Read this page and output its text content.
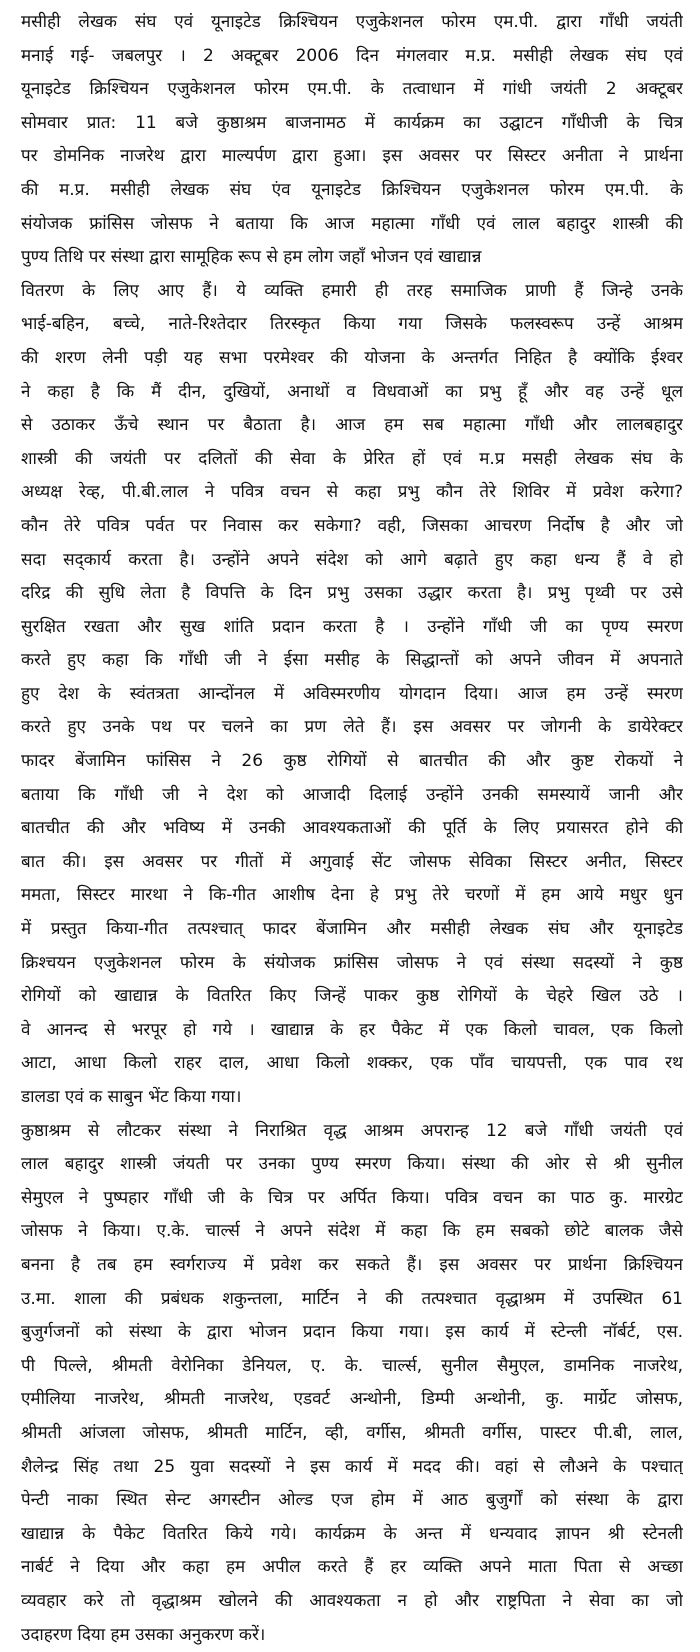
मसीही लेखक संघ एवं यूनाइटेड क्रिश्चियन एजुकेशनल फोरम एम.पी. द्वारा गाँधी जयंती
मनाई गई- जबलपुर । 2 अक्टूबर 2006 दिन मंगलवार म.प्र. मसीही लेखक संघ एवं
यूनाइटेड क्रिश्चियन एजुकेशनल फोरम एम.पी. के तत्वाधान में गांधी जयंती 2 अक्टूबर
सोमवार प्रात: 11 बजे कुष्ठाश्रम बाजनामठ में कार्यक्रम का उद्घाटन गाँधीजी के चित्र
पर डोमनिक नाजरेथ द्वारा माल्यर्पण द्वारा हुआ। इस अवसर पर सिस्टर अनीता ने प्रार्थना
की म.प्र. मसीही लेखक संघ एंव यूनाइटेड क्रिश्चियन एजुकेशनल फोरम एम.पी. के
संयोजक फ्रांसिस जोसफ ने बताया कि आज महात्मा गाँधी एवं लाल बहादुर शास्त्री की
पुण्य तिथि पर संस्था द्वारा सामूहिक रूप से हम लोग जहाँ भोजन एवं खाद्यान्न
वितरण के लिए आए हैं। ये व्यक्ति हमारी ही तरह समाजिक प्राणी हैं जिन्हे उनके
भाई-बहिन, बच्चे, नाते-रिश्तेदार तिरस्कृत किया गया जिसके फलस्वरूप उन्हें आश्रम
की शरण लेनी पड़ी यह सभा परमेश्वर की योजना के अन्तर्गत निहित है क्योंकि ईश्वर
ने कहा है कि मैं दीन, दुखियों, अनाथों व विधवाओं का प्रभु हूँ और वह उन्हें धूल
से उठाकर ऊँचे स्थान पर बैठाता है। आज हम सब महात्मा गाँधी और लालबहादुर
शास्त्री की जयंती पर दलितों की सेवा के प्रेरित हों एवं म.प्र मसही लेखक संघ के
अध्यक्ष रेव्ह, पी.बी.लाल ने पवित्र वचन से कहा प्रभु कौन तेरे शिविर में प्रवेश करेगा?
कौन तेरे पवित्र पर्वत पर निवास कर सकेगा? वही, जिसका आचरण निर्दोष है और जो
सदा सद्कार्य करता है। उन्होंने अपने संदेश को आगे बढ़ाते हुए कहा धन्य हैं वे हो
दरिद्र की सुधि लेता है विपत्ति के दिन प्रभु उसका उद्धार करता है। प्रभु पृथ्वी पर उसे
सुरक्षित रखता और सुख शांति प्रदान करता है । उन्होंने गाँधी जी का पृण्य स्मरण
करते हुए कहा कि गाँधी जी ने ईसा मसीह के सिद्धान्तों को अपने जीवन में अपनाते
हुए देश के स्वंतत्रता आन्दोंनल में अविस्मरणीय योगदान दिया। आज हम उन्हें स्मरण
करते हुए उनके पथ पर चलने का प्रण लेते हैं। इस अवसर पर जोगनी के डायेरेक्टर
फादर बेंजामिन फांसिस ने 26 कुष्ठ रोगियों से बातचीत की और कुष्ट रोकयों ने
बताया कि गाँधी जी ने देश को आजादी दिलाई उन्होंने उनकी समस्यायें जानी और
बातचीत की और भविष्य में उनकी आवश्यकताओं की पूर्ति के लिए प्रयासरत होने की
बात की। इस अवसर पर गीतों में अगुवाई सेंट जोसफ सेविका सिस्टर अनीत, सिस्टर
ममता, सिस्टर मारथा ने कि-गीत आशीष देना हे प्रभु तेरे चरणों में हम आये मधुर धुन
में प्रस्तुत किया-गीत तत्पश्चात् फादर बेंजामिन और मसीही लेखक संघ और यूनाइटेड
क्रिश्चयन एजुकेशनल फोरम के संयोजक फ्रांसिस जोसफ ने एवं संस्था सदस्यों ने कुष्ठ
रोगियों को खाद्यान्न के वितरित किए जिन्हें पाकर कुष्ठ रोगियों के चेहरे खिल उठे ।
वे आनन्द से भरपूर हो गये । खाद्यान्न के हर पैकेट में एक किलो चावल, एक किलो
आटा, आधा किलो राहर दाल, आधा किलो शक्कर, एक पाँव चायपत्ती, एक पाव रथ
डालडा एवं क साबुन भेंट किया गया।
कुष्ठाश्रम से लौटकर संस्था ने निराश्रित वृद्ध आश्रम अपरान्ह 12 बजे गाँधी जयंती एवं
लाल बहादुर शास्त्री जंयती पर उनका पुण्य स्मरण किया। संस्था की ओर से श्री सुनील
सेमुएल ने पुष्पहार गाँधी जी के चित्र पर अर्पित किया। पवित्र वचन का पाठ कु. मारग्रेट
जोसफ ने किया। ए.के. चार्ल्स ने अपने संदेश में कहा कि हम सबको छोटे बालक जैसे
बनना है तब हम स्वर्गराज्य में प्रवेश कर सकते हैं। इस अवसर पर प्रार्थना क्रिश्चियन
उ.मा. शाला की प्रबंधक शकुन्तला, मार्टिन ने की तत्पश्चात वृद्धाश्रम में उपस्थित 61
बुजुर्गजनों को संस्था के द्वारा भोजन प्रदान किया गया। इस कार्य में स्टेन्ली नॉर्बर्ट, एस.
पी पिल्ले, श्रीमती वेरोनिका डेनियल, ए. के. चार्ल्स, सुनील सैमुएल, डामनिक नाजरेथ,
एमीलिया नाजरेथ, श्रीमती नाजरेथ, एडवर्ट अन्थोनी, डिम्पी अन्थोनी, कु. मार्ग्रेट जोसफ,
श्रीमती आंजला जोसफ, श्रीमती मार्टिन, व्ही, वर्गीस, श्रीमती वर्गीस, पास्टर पी.बी, लाल,
शैलेन्द्र सिंह तथा 25 युवा सदस्यों ने इस कार्य में मदद की। वहां से लौअने के पश्चात्
पेन्टी नाका स्थित सेन्ट अगस्टीन ओल्ड एज होम में आठ बुजुर्गों को संस्था के द्वारा
खाद्यान्न के पैकेट वितरित किये गये। कार्यक्रम के अन्त में धन्यवाद ज्ञापन श्री स्टेनली
नार्बर्ट ने दिया और कहा हम अपील करते हैं हर व्यक्ति अपने माता पिता से अच्छा
व्यवहार करे तो वृद्धाश्रम खोलने की आवश्यकता न हो और राष्ट्रपिता ने सेवा का जो
उदाहरण दिया हम उसका अनुकरण करें।
